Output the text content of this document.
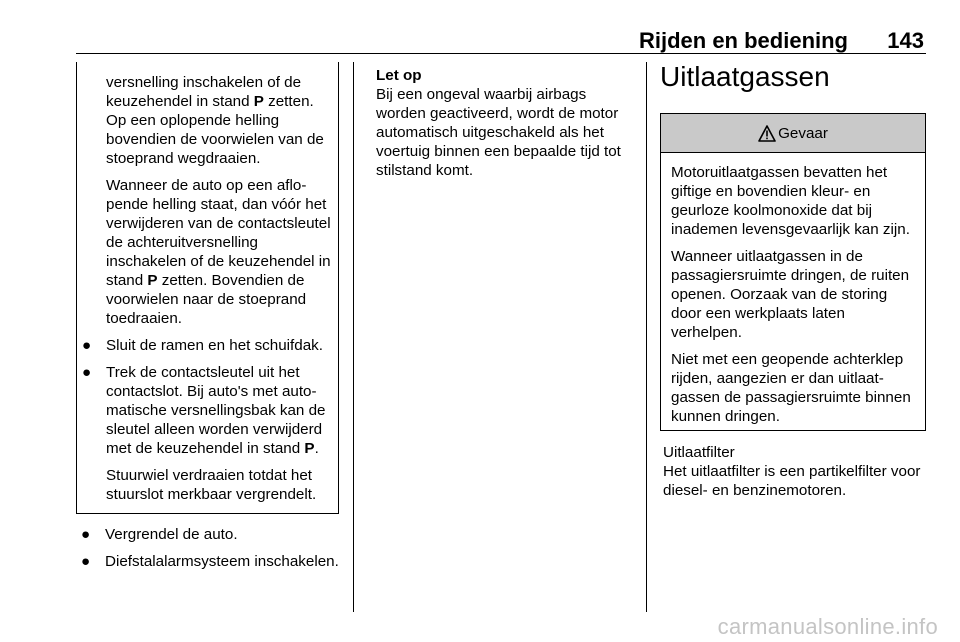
Rijden en bediening 143

versnelling inschakelen of de keuzehendel in stand P zetten. Op een oplopende helling bovendien de voorwielen van de stoeprand wegdraaien.

Wanneer de auto op een aflopende helling staat, dan vóór het verwijderen van de contactsleutel de achteruitversnelling inschakelen of de keuzehendel in stand P zetten. Bovendien de voorwielen naar de stoeprand toedraaien.

● Sluit de ramen en het schuifdak.
● Trek de contactsleutel uit het contactslot. Bij auto's met automatische versnellingsbak kan de sleutel alleen worden verwijderd met de keuzehendel in stand P.

Stuurwiel verdraaien totdat het stuurslot merkbaar vergrendelt.

● Vergrendel de auto.
● Diefstalalarmsysteem inschakelen.

Let op

Bij een ongeval waarbij airbags worden geactiveerd, wordt de motor automatisch uitgeschakeld als het voertuig binnen een bepaalde tijd tot stilstand komt.

Uitlaatgassen

Gevaar

Motoruitlaatgassen bevatten het giftige en bovendien kleur- en geurloze koolmonoxide dat bij inademen levensgevaarlijk kan zijn.

Wanneer uitlaatgassen in de passagiersruimte dringen, de ruiten openen. Oorzaak van de storing door een werkplaats laten verhelpen.

Niet met een geopende achterklep rijden, aangezien er dan uitlaatgassen de passagiersruimte binnen kunnen dringen.

Uitlaatfilter

Het uitlaatfilter is een partikelfilter voor diesel- en benzinemotoren.

carmanualsonline.info
